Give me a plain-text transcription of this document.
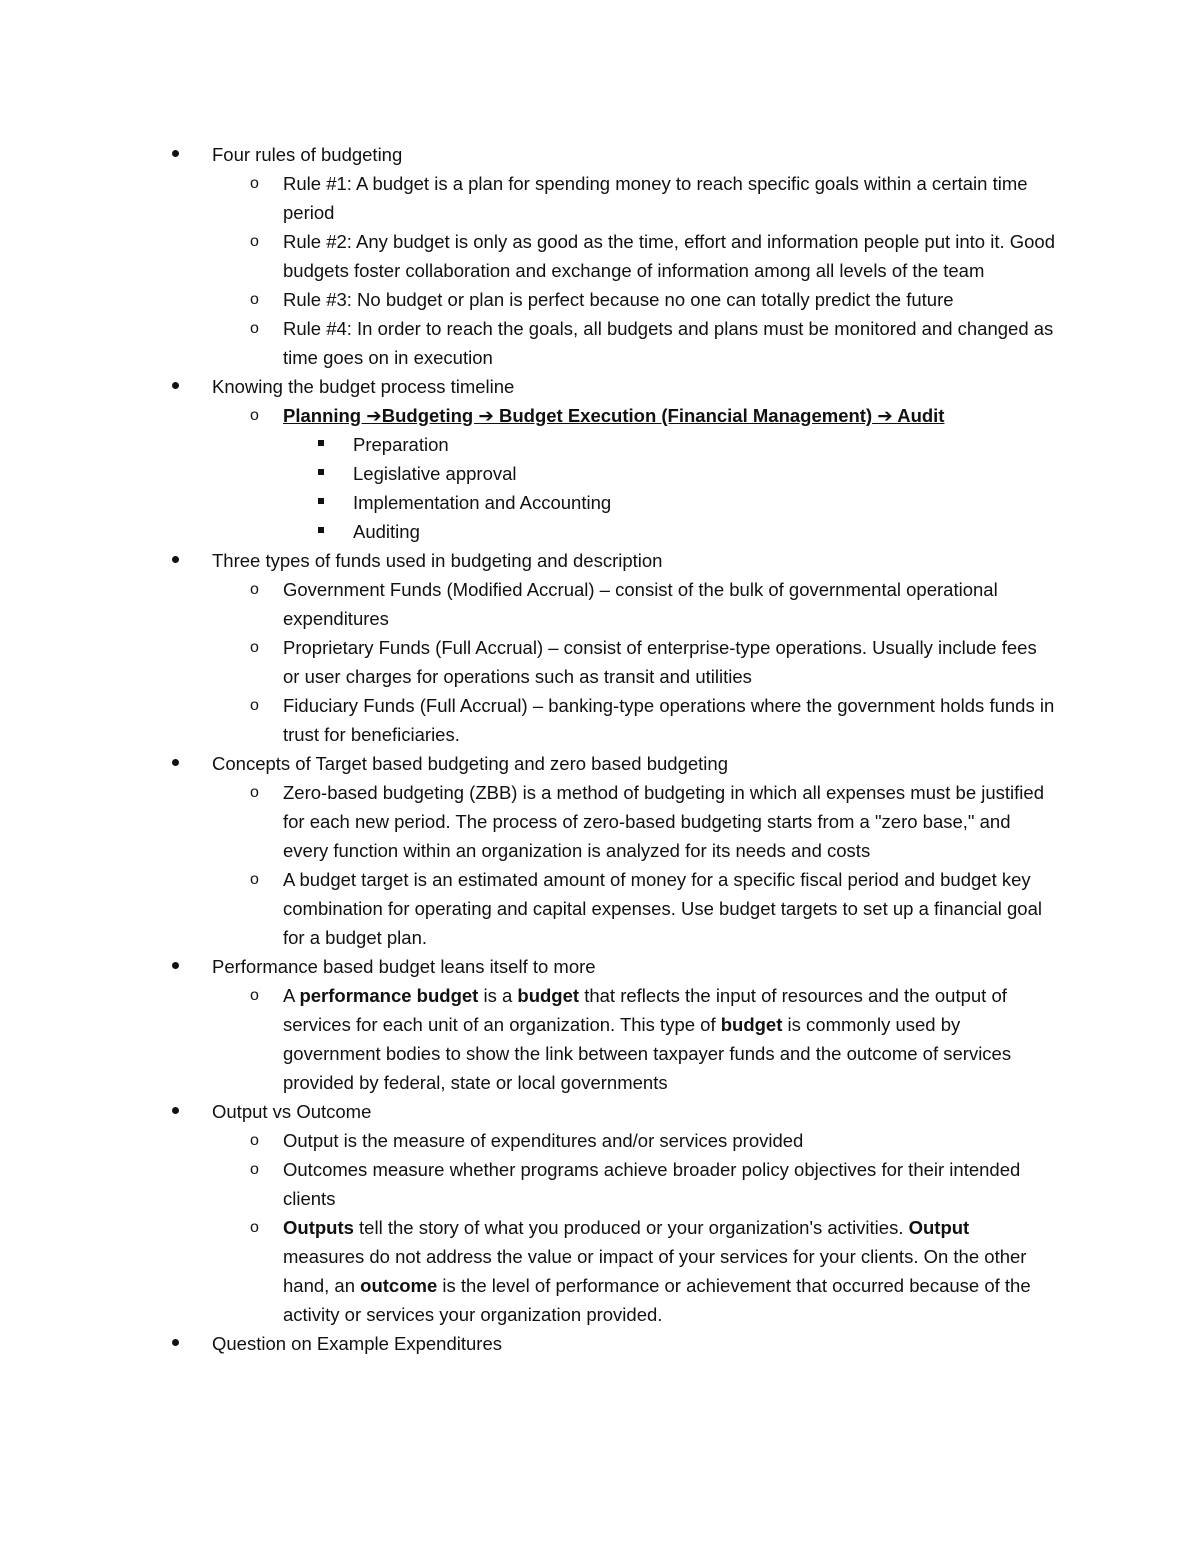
Four rules of budgeting
o Rule #1: A budget is a plan for spending money to reach specific goals within a certain time period
o Rule #2: Any budget is only as good as the time, effort and information people put into it. Good budgets foster collaboration and exchange of information among all levels of the team
o Rule #3: No budget or plan is perfect because no one can totally predict the future
o Rule #4: In order to reach the goals, all budgets and plans must be monitored and changed as time goes on in execution
Knowing the budget process timeline
o Planning ➔Budgeting ➔ Budget Execution (Financial Management) ➔ Audit
Preparation
Legislative approval
Implementation and Accounting
Auditing
Three types of funds used in budgeting and description
o Government Funds (Modified Accrual) – consist of the bulk of governmental operational expenditures
o Proprietary Funds (Full Accrual) – consist of enterprise-type operations. Usually include fees or user charges for operations such as transit and utilities
o Fiduciary Funds (Full Accrual) – banking-type operations where the government holds funds in trust for beneficiaries.
Concepts of Target based budgeting and zero based budgeting
o Zero-based budgeting (ZBB) is a method of budgeting in which all expenses must be justified for each new period. The process of zero-based budgeting starts from a "zero base," and every function within an organization is analyzed for its needs and costs
o A budget target is an estimated amount of money for a specific fiscal period and budget key combination for operating and capital expenses. Use budget targets to set up a financial goal for a budget plan.
Performance based budget leans itself to more
o A performance budget is a budget that reflects the input of resources and the output of services for each unit of an organization. This type of budget is commonly used by government bodies to show the link between taxpayer funds and the outcome of services provided by federal, state or local governments
Output vs Outcome
o Output is the measure of expenditures and/or services provided
o Outcomes measure whether programs achieve broader policy objectives for their intended clients
o Outputs tell the story of what you produced or your organization's activities. Output measures do not address the value or impact of your services for your clients. On the other hand, an outcome is the level of performance or achievement that occurred because of the activity or services your organization provided.
Question on Example Expenditures
